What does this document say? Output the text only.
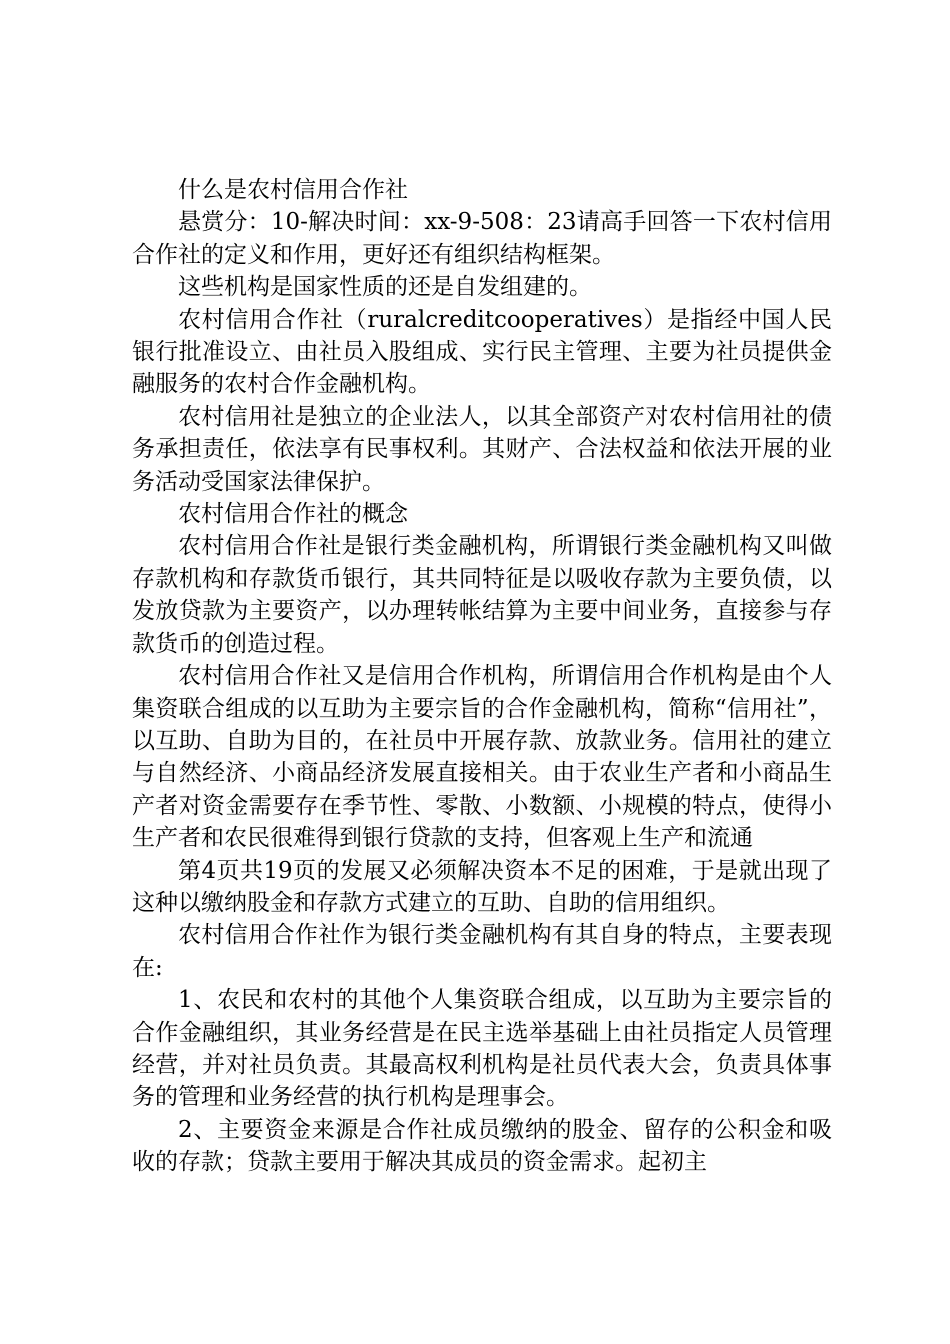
什么是农村信用合作社

悬赏分：10-解决时间：xx-9-508：23请高手回答一下农村信用合作社的定义和作用，更好还有组织结构框架。

这些机构是国家性质的还是自发组建的。

农村信用合作社（ruralcreditcooperatives）是指经中国人民银行批准设立、由社员入股组成、实行民主管理、主要为社员提供金融服务的农村合作金融机构。

农村信用社是独立的企业法人，以其全部资产对农村信用社的债务承担责任，依法享有民事权利。其财产、合法权益和依法开展的业务活动受国家法律保护。

农村信用合作社的概念

农村信用合作社是银行类金融机构，所谓银行类金融机构又叫做存款机构和存款货币银行，其共同特征是以吸收存款为主要负债，以发放贷款为主要资产，以办理转帐结算为主要中间业务，直接参与存款货币的创造过程。

农村信用合作社又是信用合作机构，所谓信用合作机构是由个人集资联合组成的以互助为主要宗旨的合作金融机构，简称“信用社”，以互助、自助为目的，在社员中开展存款、放款业务。信用社的建立与自然经济、小商品经济发展直接相关。由于农业生产者和小商品生产者对资金需要存在季节性、零散、小数额、小规模的特点，使得小生产者和农民很难得到银行贷款的支持，但客观上生产和流通

第4页共19页的发展又必须解决资本不足的困难，于是就出现了这种以缴纳股金和存款方式建立的互助、自助的信用组织。

农村信用合作社作为银行类金融机构有其自身的特点，主要表现在:

1、农民和农村的其他个人集资联合组成，以互助为主要宗旨的合作金融组织，其业务经营是在民主选举基础上由社员指定人员管理经营，并对社员负责。其最高权利机构是社员代表大会，负责具体事务的管理和业务经营的执行机构是理事会。

2、主要资金来源是合作社成员缴纳的股金、留存的公积金和吸收的存款；贷款主要用于解决其成员的资金需求。起初主
